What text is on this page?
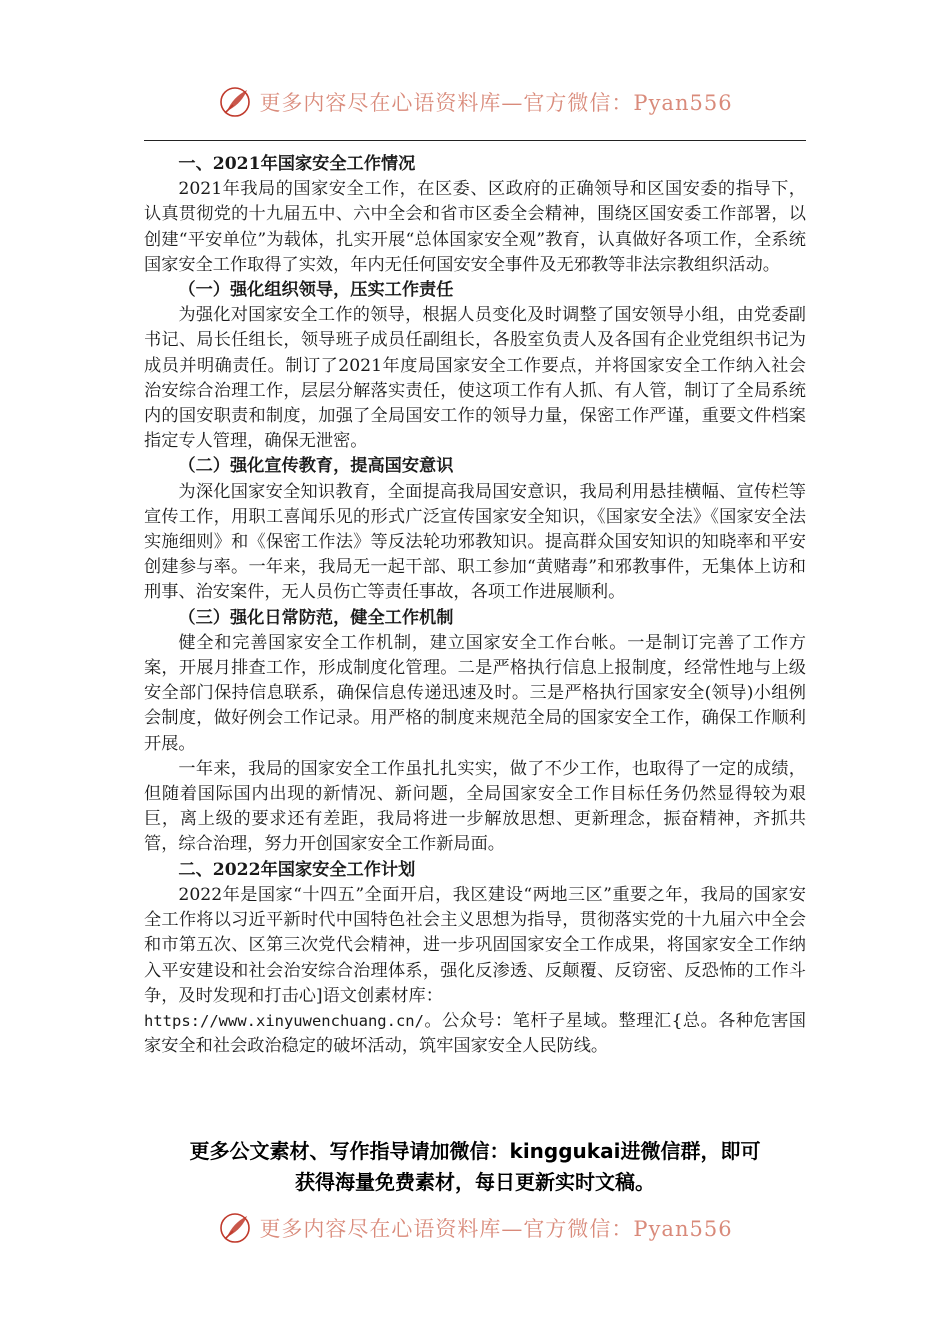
更多内容尽在心语资料库—官方微信：Pyan556

一、2021年国家安全工作情况

2021年我局的国家安全工作，在区委、区政府的正确领导和区国安委的指导下，认真贯彻党的十九届五中、六中全会和省市区委全会精神，围绕区国安委工作部署，以创建“平安单位”为载体，扎实开展“总体国家安全观”教育，认真做好各项工作，全系统国家安全工作取得了实效，年内无任何国安安全事件及无邪教等非法宗教组织活动。

（一）强化组织领导，压实工作责任

为强化对国家安全工作的领导，根据人员变化及时调整了国安领导小组，由党委副书记、局长任组长，领导班子成员任副组长，各股室负责人及各国有企业党组织书记为成员并明确责任。制订了2021年度局国家安全工作要点，并将国家安全工作纳入社会治安综合治理工作，层层分解落实责任，使这项工作有人抓、有人管，制订了全局系统内的国安职责和制度，加强了全局国安工作的领导力量，保密工作严谨，重要文件档案指定专人管理，确保无泄密。

（二）强化宣传教育，提高国安意识

为深化国家安全知识教育，全面提高我局国安意识，我局利用悬挂横幅、宣传栏等宣传工作，用职工喜闻乐见的形式广泛宣传国家安全知识，《国家安全法》《国家安全法实施细则》和《保密工作法》等反法轮功邪教知识。提高群众国安知识的知晓率和平安创建参与率。一年来，我局无一起干部、职工参加“黄赌毒”和邪教事件，无集体上访和刑事、治安案件，无人员伤亡等责任事故，各项工作进展顺利。

（三）强化日常防范，健全工作机制

健全和完善国家安全工作机制，建立国家安全工作台帐。一是制订完善了工作方案，开展月排查工作，形成制度化管理。二是严格执行信息上报制度，经常性地与上级安全部门保持信息联系，确保信息传递迅速及时。三是严格执行国家安全(领导)小组例会制度，做好例会工作记录。用严格的制度来规范全局的国家安全工作，确保工作顺利开展。

一年来，我局的国家安全工作虽扎扎实实，做了不少工作，也取得了一定的成绩，但随着国际国内出现的新情况、新问题，全局国家安全工作目标任务仍然显得较为艰巨，离上级的要求还有差距，我局将进一步解放思想、更新理念，振奋精神，齐抓共管，综合治理，努力开创国家安全工作新局面。

二、2022年国家安全工作计划

2022年是国家“十四五”全面开启，我区建设“两地三区”重要之年，我局的国家安全工作将以习近平新时代中国特色社会主义思想为指导，贯彻落实党的十九届六中全会和市第五次、区第三次党代会精神，进一步巩固国家安全工作成果，将国家安全工作纳入平安建设和社会治安综合治理体系，强化反渗透、反颠覆、反窃密、反恐怖的工作斗争，及时发现和打击心]语文创素材库：
https://www.xinyuwenchuang.cn/。公众号：笔杆子星域。整理汇{总。各种危害国家安全和社会政治稳定的破坏活动，筑牢国家安全人民防线。

更多公文素材、写作指导请加微信：kinggukai进微信群，即可
获得海量免费素材，每日更新实时文稿。
更多内容尽在心语资料库—官方微信：Pyan556
